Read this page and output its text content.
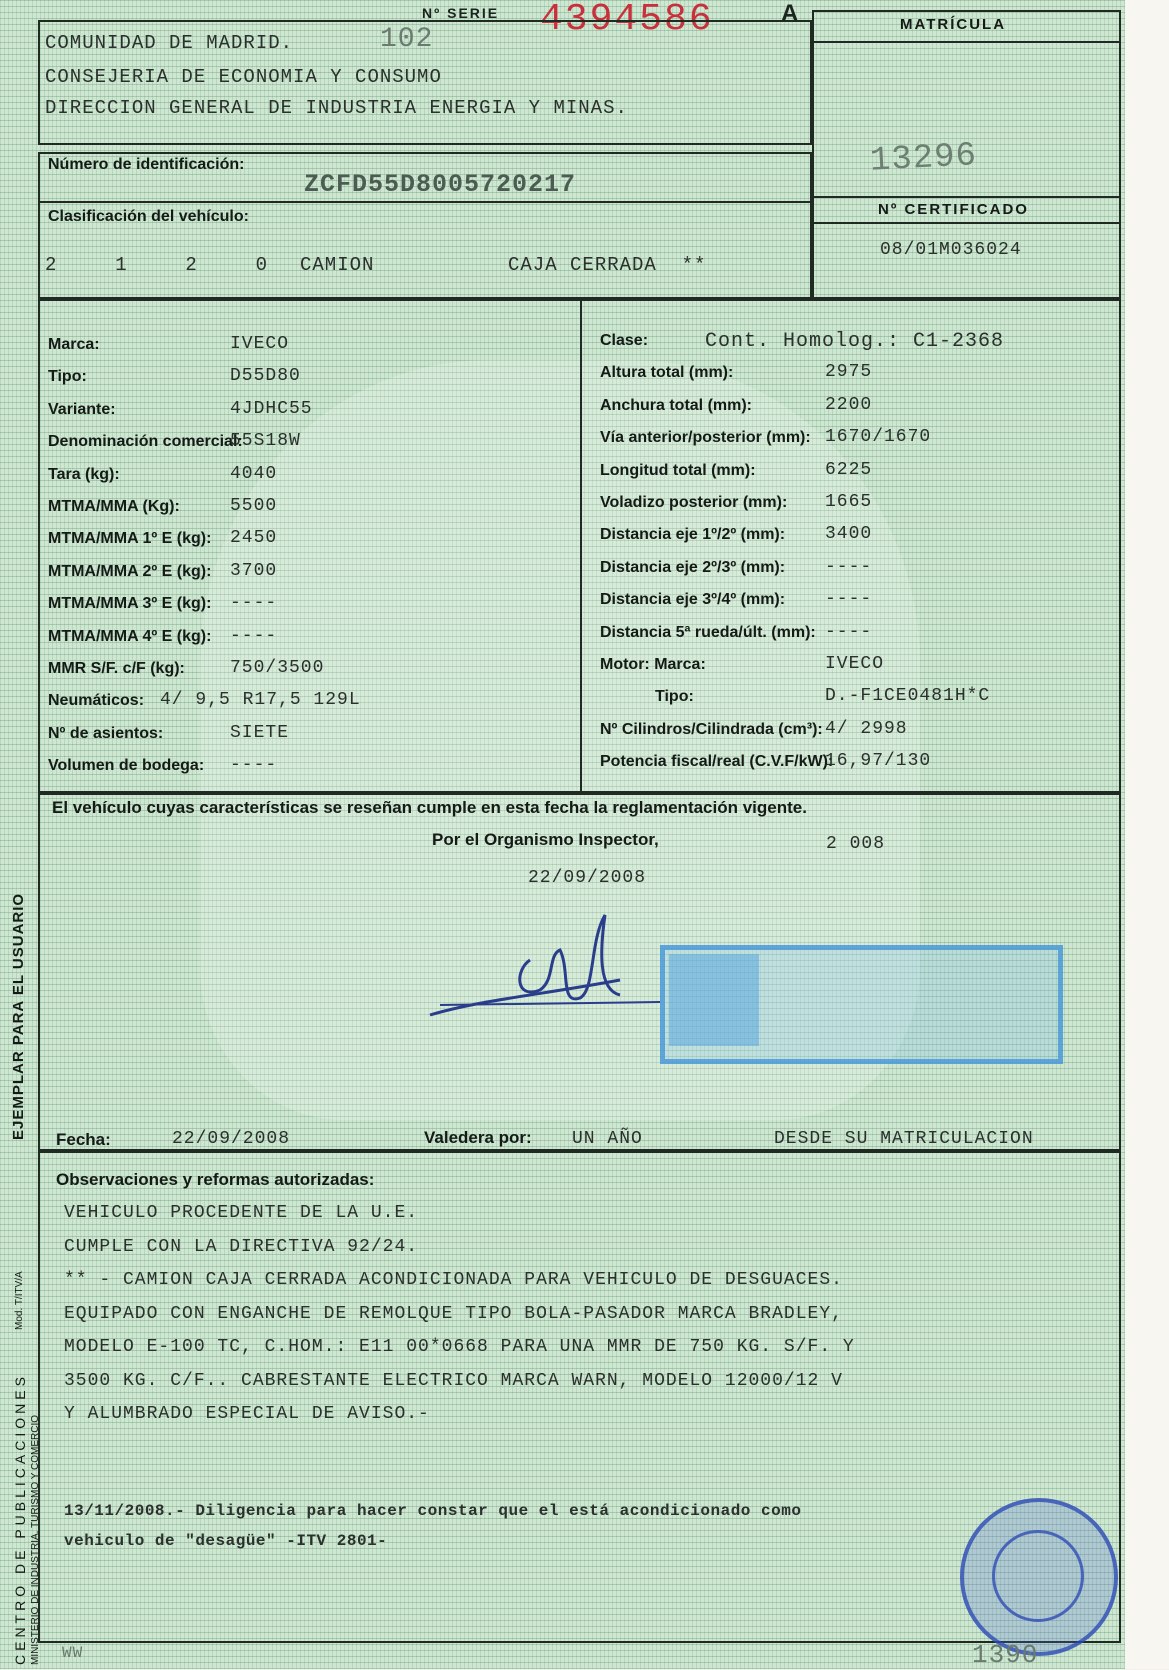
Nº SERIE 4394586	A
COMUNIDAD DE MADRID.	102
CONSEJERIA DE ECONOMIA Y CONSUMO
DIRECCION GENERAL DE INDUSTRIA ENERGIA Y MINAS.
MATRÍCULA
13296
Nº CERTIFICADO
08/01M036024
Número de identificación:
ZCFD55D8005720217
Clasificación del vehículo:
2  1  2  0 CAMION	CAJA CERRADA  **
Marca:	IVECO
Tipo:	D55D80
Variante:	4JDHC55
Denominación comercial:
55S18W
Tara (kg):	4040
MTMA/MMA (Kg):	5500
MTMA/MMA 1º E (kg): 2450
MTMA/MMA 2º E (kg): 3700
MTMA/MMA 3º E (kg): ----
MTMA/MMA 4º E (kg): ----
MMR S/F. c/F (kg):	750/3500
Neumáticos: 4/ 9,5 R17,5 129L
Nº de asientos:	SIETE
Volumen de bodega: ----
Clase:	Cont. Homolog.: C1-2368
Altura total (mm):	2975
Anchura total (mm):	2200
Vía anterior/posterior (mm): 1670/1670
Longitud total (mm):	6225
Voladizo posterior (mm): 1665
Distancia eje 1º/2º (mm): 3400
Distancia eje 2º/3º (mm): ----
Distancia eje 3º/4º (mm): ----
Distancia 5ª rueda/últ. (mm): ----
Motor: Marca:	IVECO
Tipo:	D.-F1CE0481H*C
Nº Cilindros/Cilindrada (cm³): 4/ 2998
Potencia fiscal/real (C.V.F/kW):
16,97/130
El vehículo cuyas características se reseñan cumple en esta fecha la reglamentación vigente.
Por el Organismo Inspector,	2 008
22/09/2008
Fecha:	22/09/2008	Valedera por: UN AÑO	DESDE SU MATRICULACION
Observaciones y reformas autorizadas:
VEHICULO PROCEDENTE DE LA U.E.
CUMPLE CON LA DIRECTIVA 92/24.
** - CAMION CAJA CERRADA ACONDICIONADA PARA VEHICULO DE DESGUACES.
EQUIPADO CON ENGANCHE DE REMOLQUE TIPO BOLA-PASADOR MARCA BRADLEY,
MODELO E-100 TC, C.HOM.: E11 00*0668 PARA UNA MMR DE 750 KG. S/F. Y
3500 KG. C/F.. CABRESTANTE ELECTRICO MARCA WARN, MODELO 12000/12 V
Y ALUMBRADO ESPECIAL DE AVISO.-
13/11/2008.- Diligencia para hacer constar que el está acondicionado como
vehiculo de "desagüe" -ITV 2801-
EJEMPLAR PARA EL USUARIO
Mod. T/ITV/A
CENTRO DE PUBLICACIONES MINISTERIO DE INDUSTRIA, TURISMO Y COMERCIO WW	1390
